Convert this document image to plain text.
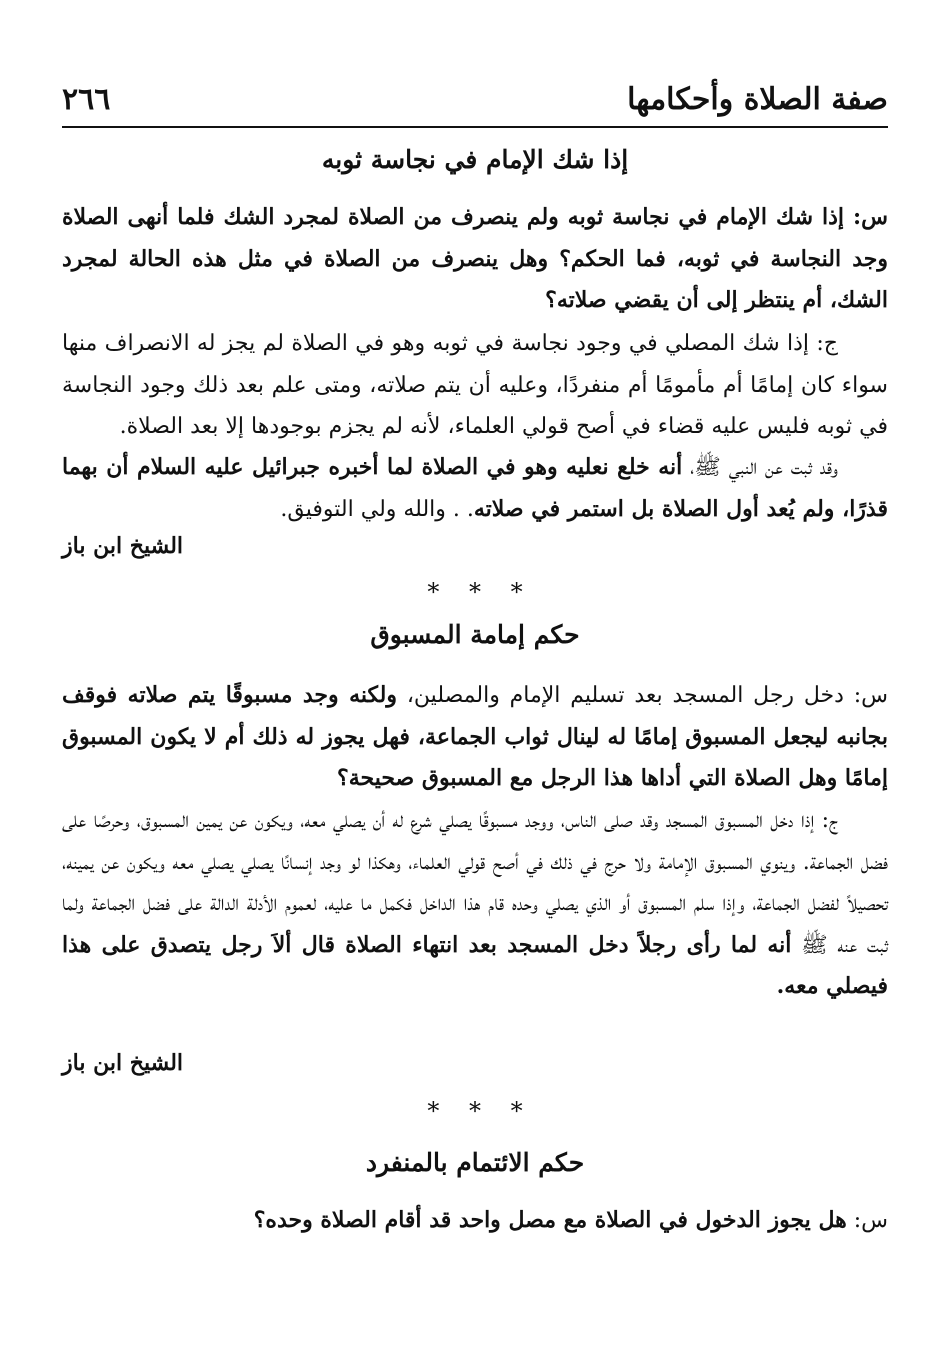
صفة الصلاة وأحكامها
٢٦٦
إذا شك الإمام في نجاسة ثوبه

س: إذا شك الإمام في نجاسة ثوبه ولم ينصرف من الصلاة لمجرد الشك فلما أنهى الصلاة وجد النجاسة في ثوبه، فما الحكم؟ وهل ينصرف من الصلاة في مثل هذه الحالة لمجرد الشك، أم ينتظر إلى أن يقضي صلاته؟

ج: إذا شك المصلي في وجود نجاسة في ثوبه وهو في الصلاة لم يجز له الانصراف منها سواء كان إمامًا أم مأمومًا أم منفردًا، وعليه أن يتم صلاته، ومتى علم بعد ذلك وجود النجاسة في ثوبه فليس عليه قضاء في أصح قولي العلماء، لأنه لم يجزم بوجودها إلا بعد الصلاة.

وقد ثبت عن النبي ﷺ، أنه خلع نعليه وهو في الصلاة لما أخبره جبرائيل عليه السلام أن بهما قذرًا، ولم يُعد أول الصلاة بل استمر في صلاته. . والله ولي التوفيق.

الشيخ ابن باز
* * *
حكم إمامة المسبوق

س: دخل رجل المسجد بعد تسليم الإمام والمصلين، ولكنه وجد مسبوقًا يتم صلاته فوقف بجانبه ليجعل المسبوق إمامًا له لينال ثواب الجماعة، فهل يجوز له ذلك أم لا يكون المسبوق إمامًا وهل الصلاة التي أداها هذا الرجل مع المسبوق صحيحة؟

ج: إذا دخل المسبوق المسجد وقد صلى الناس، ووجد مسبوقًا يصلي شرع له أن يصلي معه، ويكون عن يمين المسبوق، وحرصًا على فضل الجماعة. وينوي المسبوق الإمامة ولا حرج في ذلك في أصح قولي العلماء، وهكذا لو وجد إنسانًا يصلي يصلي معه ويكون عن يمينه، تحصيلاً لفضل الجماعة، وإذا سلم المسبوق أو الذي يصلي وحده قام هذا الداخل فكمل ما عليه، لعموم الأدلة الدالة على فضل الجماعة ولما ثبت عنه ﷺ أنه لما رأى رجلاً دخل المسجد بعد انتهاء الصلاة قال ألاَ رجل يتصدق على هذا فيصلي معه.

الشيخ ابن باز
* * *
حكم الائتمام بالمنفرد

س: هل يجوز الدخول في الصلاة مع مصل واحد قد أقام الصلاة وحده؟
